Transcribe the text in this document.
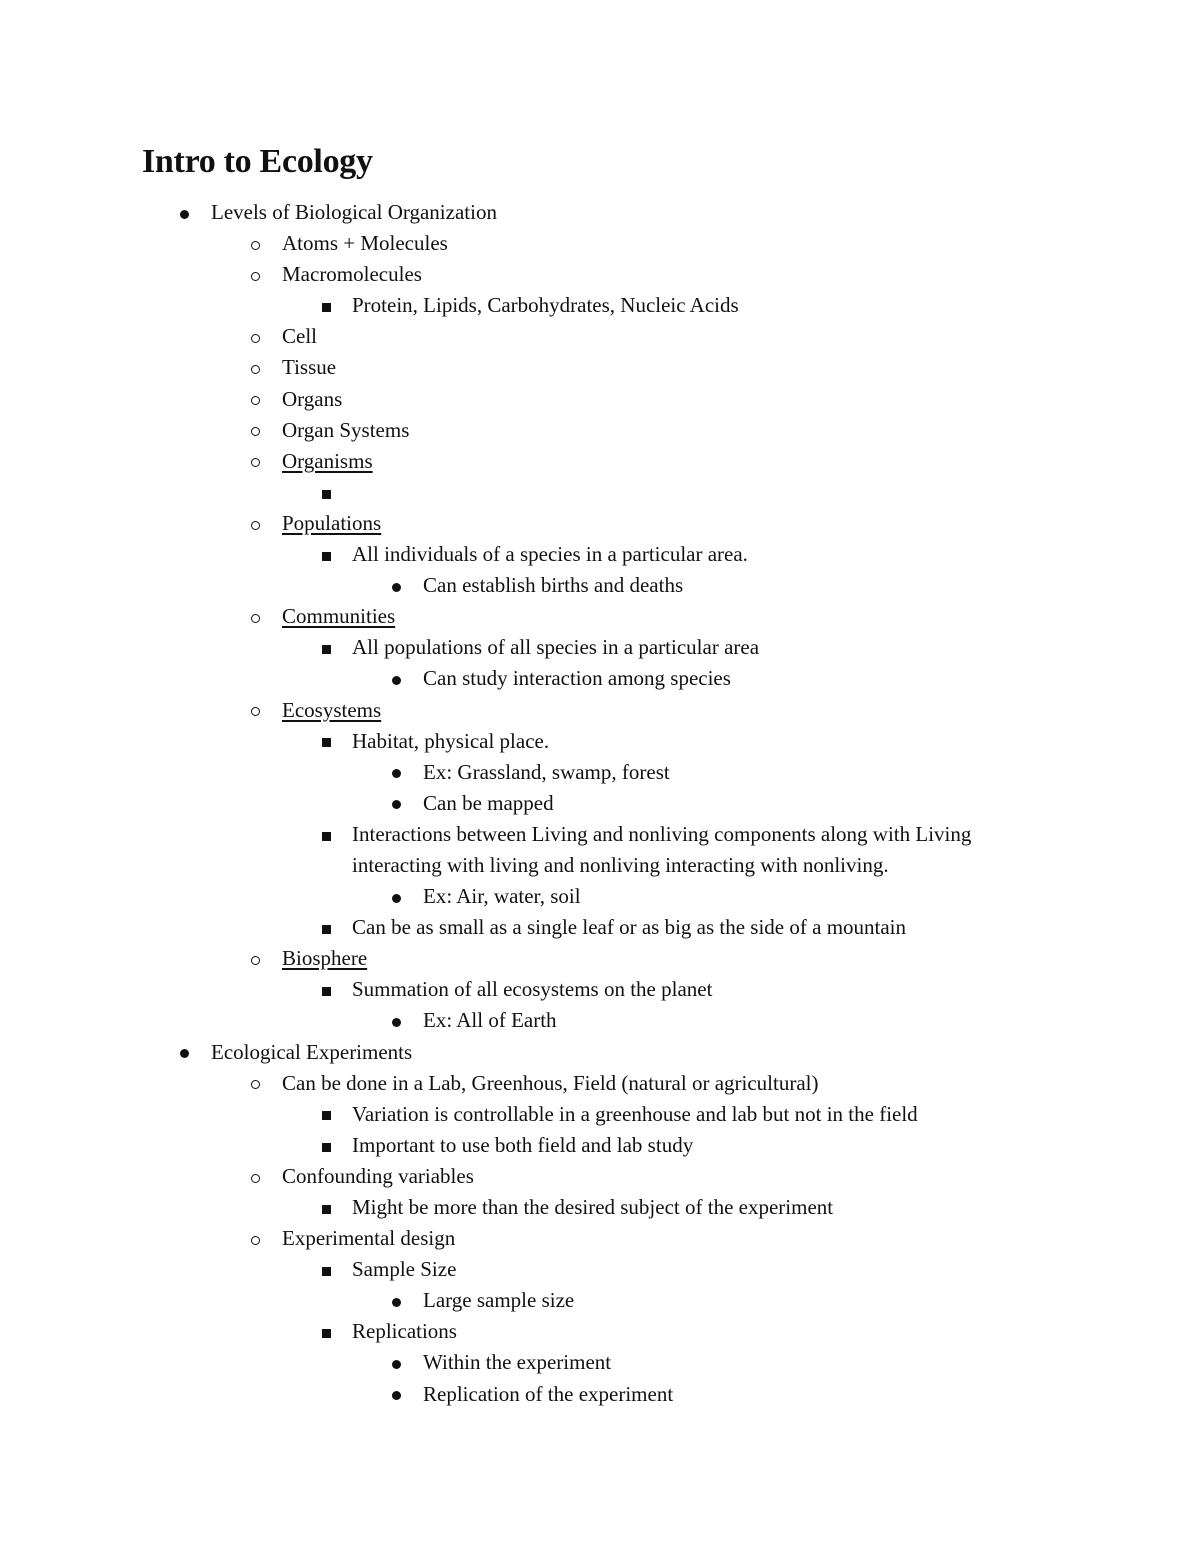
Intro to Ecology
Levels of Biological Organization
Atoms + Molecules
Macromolecules
Protein, Lipids, Carbohydrates, Nucleic Acids
Cell
Tissue
Organs
Organ Systems
Organisms
Populations
All individuals of a species in a particular area.
Can establish births and deaths
Communities
All populations of all species in a particular area
Can study interaction among species
Ecosystems
Habitat, physical place.
Ex: Grassland, swamp, forest
Can be mapped
Interactions between Living and nonliving components along with Living interacting with living and nonliving interacting with nonliving.
Ex: Air, water, soil
Can be as small as a single leaf or as big as the side of a mountain
Biosphere
Summation of all ecosystems on the planet
Ex: All of Earth
Ecological Experiments
Can be done in a Lab, Greenhous, Field (natural or agricultural)
Variation is controllable in a greenhouse and lab but not in the field
Important to use both field and lab study
Confounding variables
Might be more than the desired subject of the experiment
Experimental design
Sample Size
Large sample size
Replications
Within the experiment
Replication of the experiment
